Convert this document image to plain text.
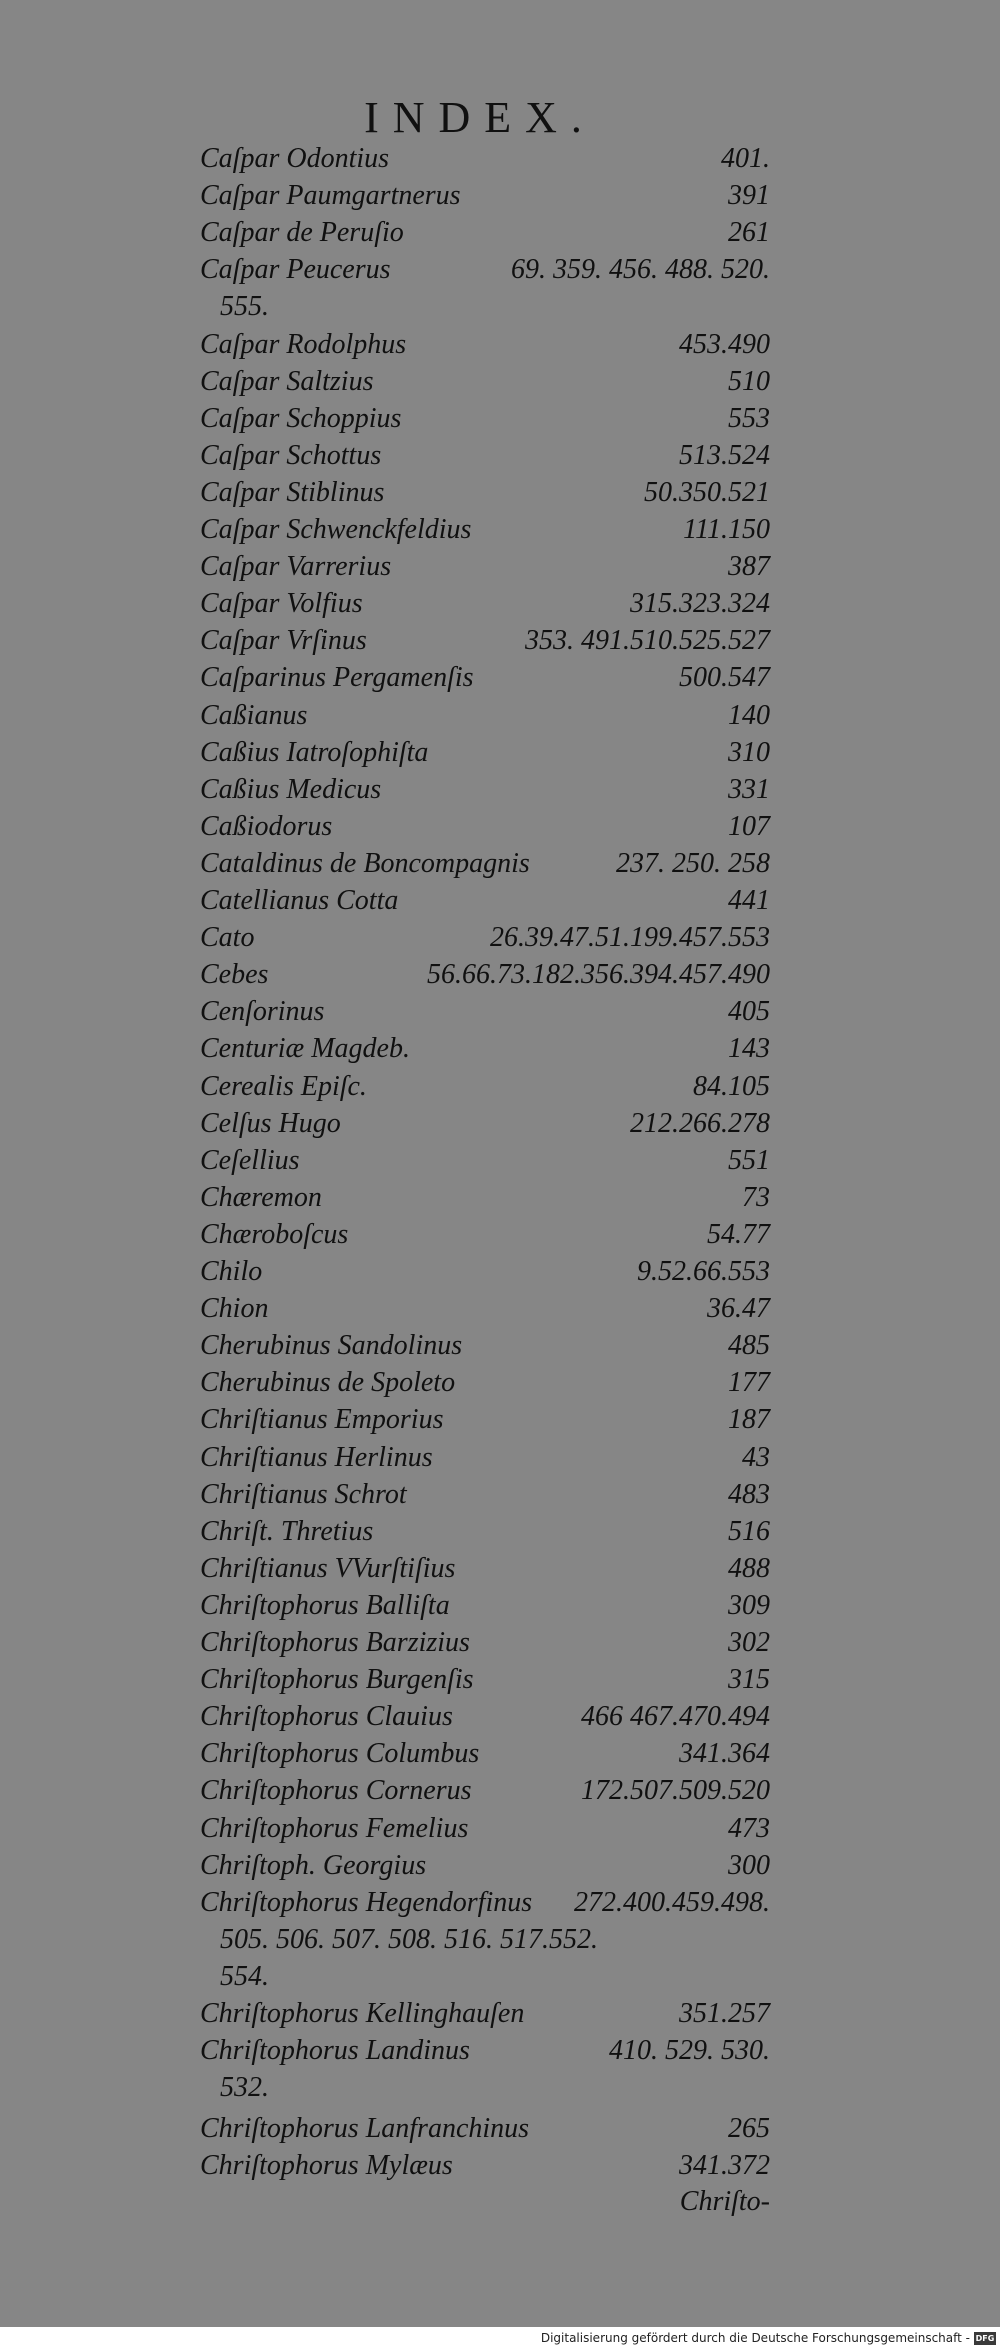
INDEX.
Caſpar Odontius	401.
Caſpar Paumgartnerus	391
Caſpar de Peruſio	261
Caſpar Peucerus	69. 359. 456. 488. 520.
555.
Caſpar Rodolphus	453.490
Caſpar Saltzius	510
Caſpar Schoppius	553
Caſpar Schottus	513.524
Caſpar Stiblinus	50.350.521
Caſpar Schwenckfeldius	111.150
Caſpar Varrerius	387
Caſpar Volfius	315.323.324
Caſpar Vrſinus	353. 491.510.525.527
Caſparinus Pergamenſis	500.547
Caßianus	140
Caßius Iatroſophiſta	310
Caßius Medicus	331
Caßiodorus	107
Cataldinus de Boncompagnis	237. 250. 258
Catellianus Cotta	441
Cato	26.39.47.51.199.457.553
Cebes	56.66.73.182.356.394.457.490
Cenſorinus	405
Centuriæ Magdeb.	143
Cerealis Epiſc.	84.105
Celſus Hugo	212.266.278
Ceſellius	551
Chæremon	73
Chæroboſcus	54.77
Chilo	9.52.66.553
Chion	36.47
Cherubinus Sandolinus	485
Cherubinus de Spoleto	177
Chriſtianus Emporius	187
Chriſtianus Herlinus	43
Chriſtianus Schrot	483
Chriſt. Thretius	516
Chriſtianus VVurſtiſius	488
Chriſtophorus Balliſta	309
Chriſtophorus Barzizius	302
Chriſtophorus Burgenſis	315
Chriſtophorus Clauius	466 467.470.494
Chriſtophorus Columbus	341.364
Chriſtophorus Cornerus	172.507.509.520
Chriſtophorus Femelius	473
Chriſtoph. Georgius	300
Chriſtophorus Hegendorfinus 272.400.459.498.
505. 506. 507. 508. 516. 517.552.
554.
Chriſtophorus Kellinghauſen	351.257
Chriſtophorus Landinus	410. 529. 530.
532.
Chriſtophorus Lanfranchinus	265
Chriſtophorus Mylæus	341.372
Chriſto-
Digitalisierung gefördert durch die Deutsche Forschungsgemeinschaft - DFG
